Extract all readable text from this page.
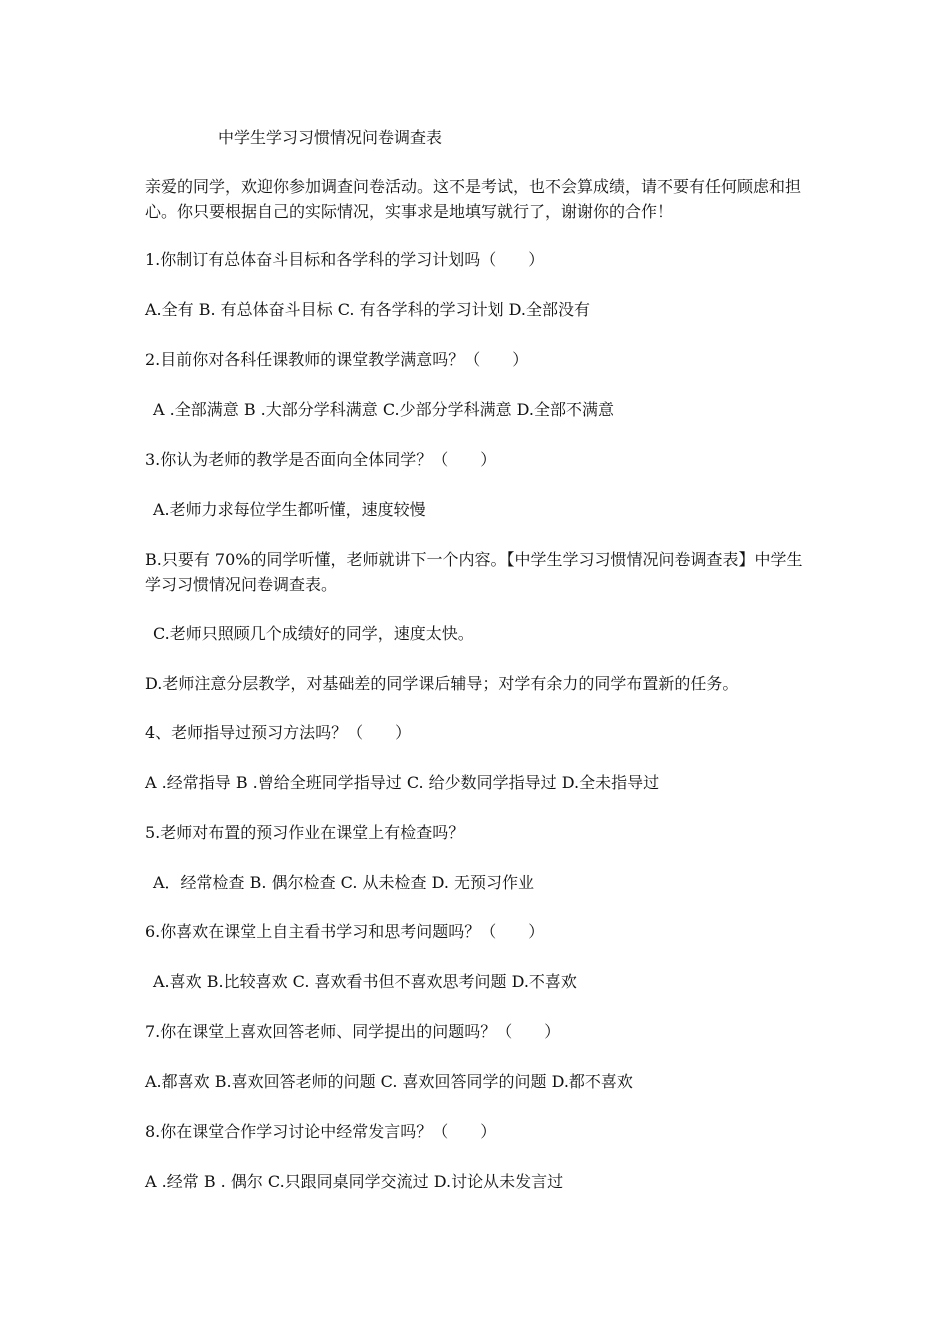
中学生学习习惯情况问卷调查表
亲爱的同学，欢迎你参加调查问卷活动。这不是考试，也不会算成绩，请不要有任何顾虑和担心。你只要根据自己的实际情况，实事求是地填写就行了，谢谢你的合作！
1.你制订有总体奋斗目标和各学科的学习计划吗（　　）
A.全有 B. 有总体奋斗目标 C. 有各学科的学习计划 D.全部没有
2.目前你对各科任课教师的课堂教学满意吗？（　　）
A .全部满意 B .大部分学科满意 C.少部分学科满意 D.全部不满意
3.你认为老师的教学是否面向全体同学？（　　）
A.老师力求每位学生都听懂，速度较慢
B.只要有 70%的同学听懂，老师就讲下一个内容。【中学生学习习惯情况问卷调查表】中学生学习习惯情况问卷调查表。
C.老师只照顾几个成绩好的同学，速度太快。
D.老师注意分层教学，对基础差的同学课后辅导；对学有余力的同学布置新的任务。
4、老师指导过预习方法吗？（　　）
A .经常指导 B .曾给全班同学指导过 C. 给少数同学指导过 D.全未指导过
5.老师对布置的预习作业在课堂上有检查吗？
A．经常检查 B. 偶尔检查 C. 从未检查 D. 无预习作业
6.你喜欢在课堂上自主看书学习和思考问题吗？（　　）
A.喜欢 B.比较喜欢 C. 喜欢看书但不喜欢思考问题 D.不喜欢
7.你在课堂上喜欢回答老师、同学提出的问题吗？（　　）
A.都喜欢 B.喜欢回答老师的问题 C. 喜欢回答同学的问题 D.都不喜欢
8.你在课堂合作学习讨论中经常发言吗？（　　）
A .经常 B . 偶尔 C.只跟同桌同学交流过 D.讨论从未发言过
